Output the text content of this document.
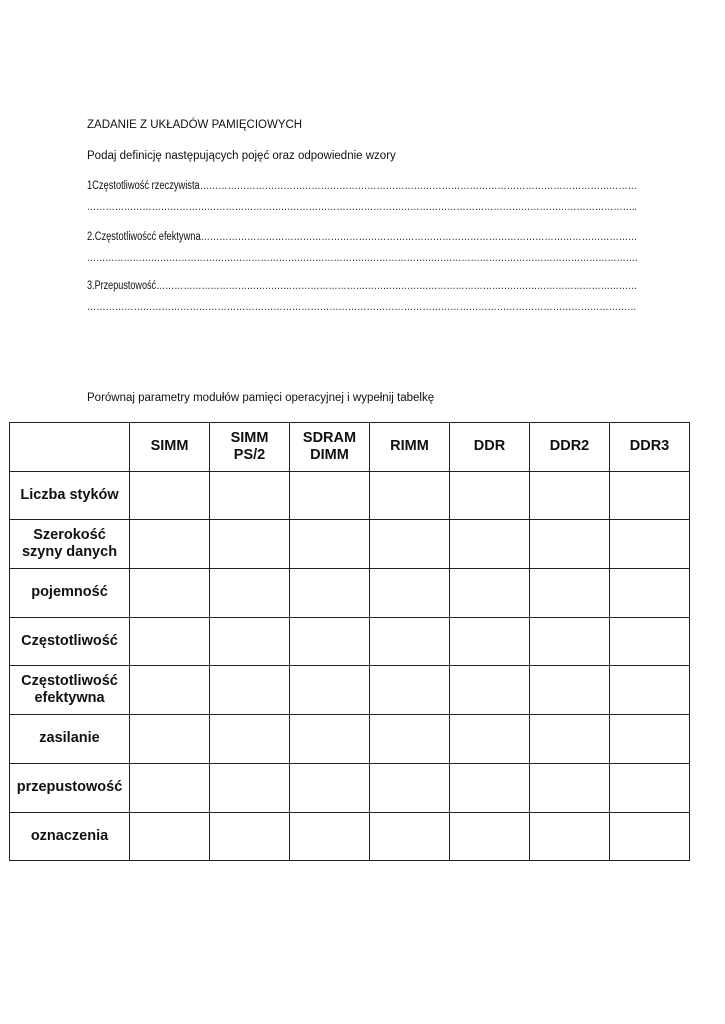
ZADANIE Z UKŁADÓW PAMIĘCIOWYCH
Podaj definicję następujących pojęć oraz odpowiednie wzory
1Częstotliwość rzeczywista……………………………………………………………………………………………………………………………
……………………………………………………………………………………………………………………………………………………………..
2.Częstotliwoścć efektywna……………………………………………………………………………………………………………………………
……………………………………………………………………………………………………………………………………………………………….
3.Przepustowość……………………………………………………………………………………………………………………………………………
……………………………………………………………………………………………………………………………………………………………
Porównaj parametry modułów pamięci operacyjnej i wypełnij tabelkę
	SIMM	SIMM PS/2	SDRAM DIMM	RIMM	DDR	DDR2	DDR3
Liczba styków							
Szerokość szyny danych							
pojemność							
Częstotliwość							
Częstotliwość efektywna							
zasilanie							
przepustowość							
oznaczenia							
